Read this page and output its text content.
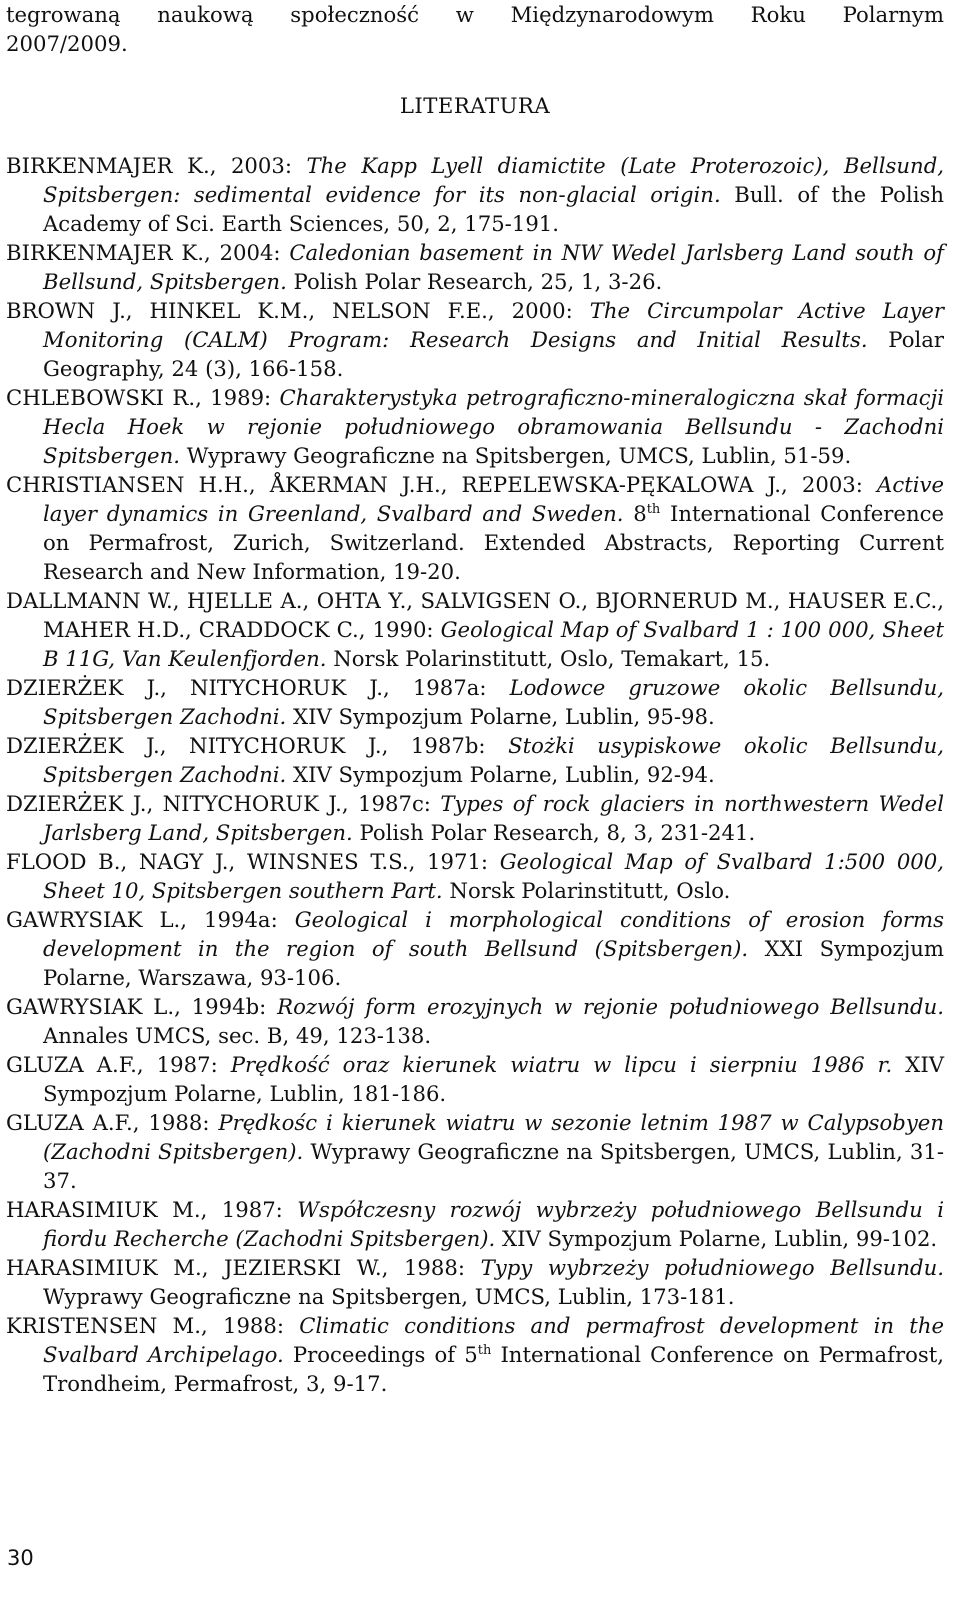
tegrowaną naukową społeczność w Międzynarodowym Roku Polarnym
2007/2009.
LITERATURA

BIRKENMAJER K., 2003: The Kapp Lyell diamictite (Late Proterozoic), Bellsund, Spitsbergen: sedimental evidence for its non-glacial origin. Bull. of the Polish Academy of Sci. Earth Sciences, 50, 2, 175-191.

BIRKENMAJER K., 2004: Caledonian basement in NW Wedel Jarlsberg Land south of Bellsund, Spitsbergen. Polish Polar Research, 25, 1, 3-26.

BROWN J., HINKEL K.M., NELSON F.E., 2000: The Circumpolar Active Layer Monitoring (CALM) Program: Research Designs and Initial Results. Polar Geography, 24 (3), 166-158.

CHLEBOWSKI R., 1989: Charakterystyka petrograficzno-mineralogiczna skał formacji Hecla Hoek w rejonie południowego obramowania Bellsundu - Zachodni Spitsbergen. Wyprawy Geograficzne na Spitsbergen, UMCS, Lublin, 51-59.

CHRISTIANSEN H.H., ÅKERMAN J.H., REPELEWSKA-PĘKALOWA J., 2003: Active layer dynamics in Greenland, Svalbard and Sweden. 8th International Conference on Permafrost, Zurich, Switzerland. Extended Abstracts, Reporting Current Research and New Information, 19-20.

DALLMANN W., HJELLE A., OHTA Y., SALVIGSEN O., BJORNERUD M., HAUSER E.C., MAHER H.D., CRADDOCK C., 1990: Geological Map of Svalbard 1 : 100 000, Sheet B 11G, Van Keulenfjorden. Norsk Polarinstitutt, Oslo, Temakart, 15.

DZIERŻEK J., NITYCHORUK J., 1987a: Lodowce gruzowe okolic Bellsundu, Spitsbergen Zachodni. XIV Sympozjum Polarne, Lublin, 95-98.

DZIERŻEK J., NITYCHORUK J., 1987b: Stożki usypiskowe okolic Bellsundu, Spitsbergen Zachodni. XIV Sympozjum Polarne, Lublin, 92-94.

DZIERŻEK J., NITYCHORUK J., 1987c: Types of rock glaciers in northwestern Wedel Jarlsberg Land, Spitsbergen. Polish Polar Research, 8, 3, 231-241.

FLOOD B., NAGY J., WINSNES T.S., 1971: Geological Map of Svalbard 1:500 000, Sheet 10, Spitsbergen southern Part. Norsk Polarinstitutt, Oslo.

GAWRYSIAK L., 1994a: Geological i morphological conditions of erosion forms development in the region of south Bellsund (Spitsbergen). XXI Sympozjum Polarne, Warszawa, 93-106.

GAWRYSIAK L., 1994b: Rozwój form erozyjnych w rejonie południowego Bellsundu. Annales UMCS, sec. B, 49, 123-138.

GLUZA A.F., 1987: Prędkość oraz kierunek wiatru w lipcu i sierpniu 1986 r. XIV Sympozjum Polarne, Lublin, 181-186.

GLUZA A.F., 1988: Prędkośc i kierunek wiatru w sezonie letnim 1987 w Calypsobyen (Zachodni Spitsbergen). Wyprawy Geograficzne na Spitsbergen, UMCS, Lublin, 31-37.

HARASIMIUK M., 1987: Współczesny rozwój wybrzeży południowego Bellsundu i fiordu Recherche (Zachodni Spitsbergen). XIV Sympozjum Polarne, Lublin, 99-102.

HARASIMIUK M., JEZIERSKI W., 1988: Typy wybrzeży południowego Bellsundu. Wyprawy Geograficzne na Spitsbergen, UMCS, Lublin, 173-181.

KRISTENSEN M., 1988: Climatic conditions and permafrost development in the Svalbard Archipelago. Proceedings of 5th International Conference on Permafrost, Trondheim, Permafrost, 3, 9-17.

30
